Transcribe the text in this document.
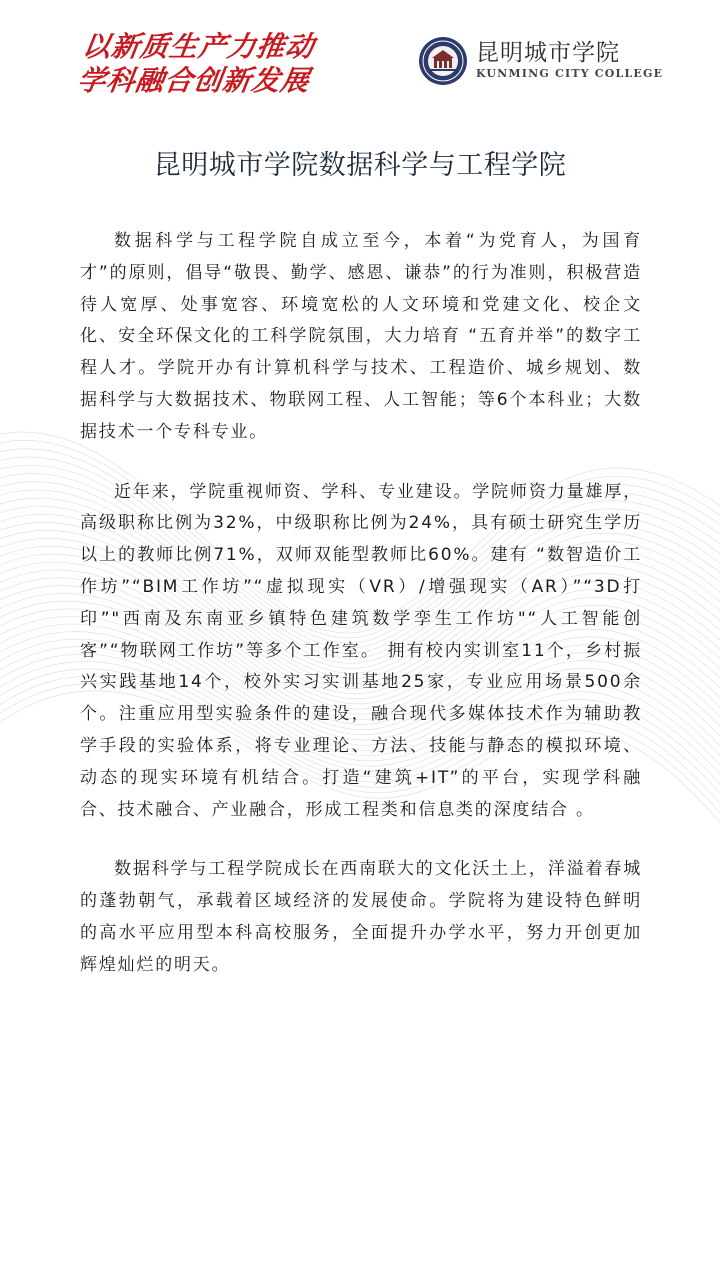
以新质生产力推动
学科融合创新发展
昆明城市学院
KUNMING CITY COLLEGE
昆明城市学院数据科学与工程学院

数据科学与工程学院自成立至今，本着“为党育人，为国育才”的原则，倡导“敬畏、勤学、感恩、谦恭”的行为准则，积极营造待人宽厚、处事宽容、环境宽松的人文环境和党建文化、校企文化、安全环保文化的工科学院氛围，大力培育 “五育并举”的数字工程人才。学院开办有计算机科学与技术、工程造价、城乡规划、数据科学与大数据技术、物联网工程、人工智能；等6个本科业；大数据技术一个专科专业。

近年来，学院重视师资、学科、专业建设。学院师资力量雄厚，高级职称比例为32%，中级职称比例为24%，具有硕士研究生学历以上的教师比例71%，双师双能型教师比60%。建有 “数智造价工作坊”“BIM工作坊”“虚拟现实（VR）/增强现实（AR）”“3D打印”"西南及东南亚乡镇特色建筑数学孪生工作坊"“人工智能创客”“物联网工作坊”等多个工作室。 拥有校内实训室11个，乡村振兴实践基地14个，校外实习实训基地25家，专业应用场景500余个。注重应用型实验条件的建设，融合现代多媒体技术作为辅助教学手段的实验体系，将专业理论、方法、技能与静态的模拟环境、动态的现实环境有机结合。打造“建筑+IT”的平台，实现学科融合、技术融合、产业融合，形成工程类和信息类的深度结合 。

数据科学与工程学院成长在西南联大的文化沃土上，洋溢着春城的蓬勃朝气，承载着区域经济的发展使命。学院将为建设特色鲜明的高水平应用型本科高校服务，全面提升办学水平，努力开创更加辉煌灿烂的明天。
